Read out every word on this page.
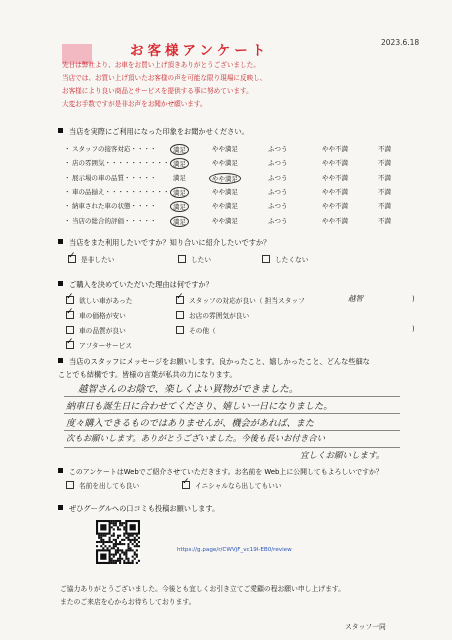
お客様アンケート
2023.6.18
先日は弊社より、お車をお買い上げ頂きありがとうございました。
当店では、お買い上げ頂いたお客様の声を可能な限り現場に反映し、
お客様により良い商品とサービスを提供する事に努めています。
大変お手数ですが是非お声をお聞かせ願います。
当店を実際にご利用になった印象をお聞かせください。
スタッフの接客対応・・・・
・	満足	やや満足	ふつう	やや不満	不満
店の雰囲気・・・・・・・・・・
・	満足	やや満足	ふつう	やや不満	不満
展示場の車の品質・・・・・
・	満足	やや満足	ふつう	やや不満	不満
車の品揃え・・・・・・・・・・
・	満足	やや満足	ふつう	やや不満	不満
納車された車の状態・・・・
・	満足	やや満足	ふつう	やや不満	不満
当店の総合的評価・・・・・
・	満足	やや満足	ふつう	やや不満	不満
当店をまた利用したいですか？知り合いに紹介したいですか？
✓是非したい	したい	したくない
ご購入を決めていただいた理由は何ですか？
✓欲しい車があった
✓車の価格が安い
車の品質が良い
✓アフターサービス
✓スタッフの対応が良い（ 担当スタッフ	越智	)
お店の雰囲気が良い
その他（	)
当店のスタッフにメッセージをお願いします。良かったこと、嬉しかったこと、どんな些細な
ことでも結構です。皆様の言葉が私共の力になります。
越智さんのお陰で、楽しくよい買物ができました。
納車日も誕生日に合わせてくださり、嬉しい一日になりました。
度々購入できるものではありませんが、機会があれば、また
次もお願いします。ありがとうございました。今後も長いお付き合い
宜しくお願いします。
このアンケートはWebでご紹介させていただきます。お名前を Web上に公開してもよろしいですか？
名前を出しても良い
✓	イニシャルなら出してもいい
ぜひグーグルへの口コミも投稿お願いします。
https://g.page/r/CWVjF_vc19l-EB0/review
ご協力ありがとうございました。今後とも宜しくお引き立てご愛顧の程お願い申し上げます。
またのご来店を心からお待ちしております。
スタッフ一同
